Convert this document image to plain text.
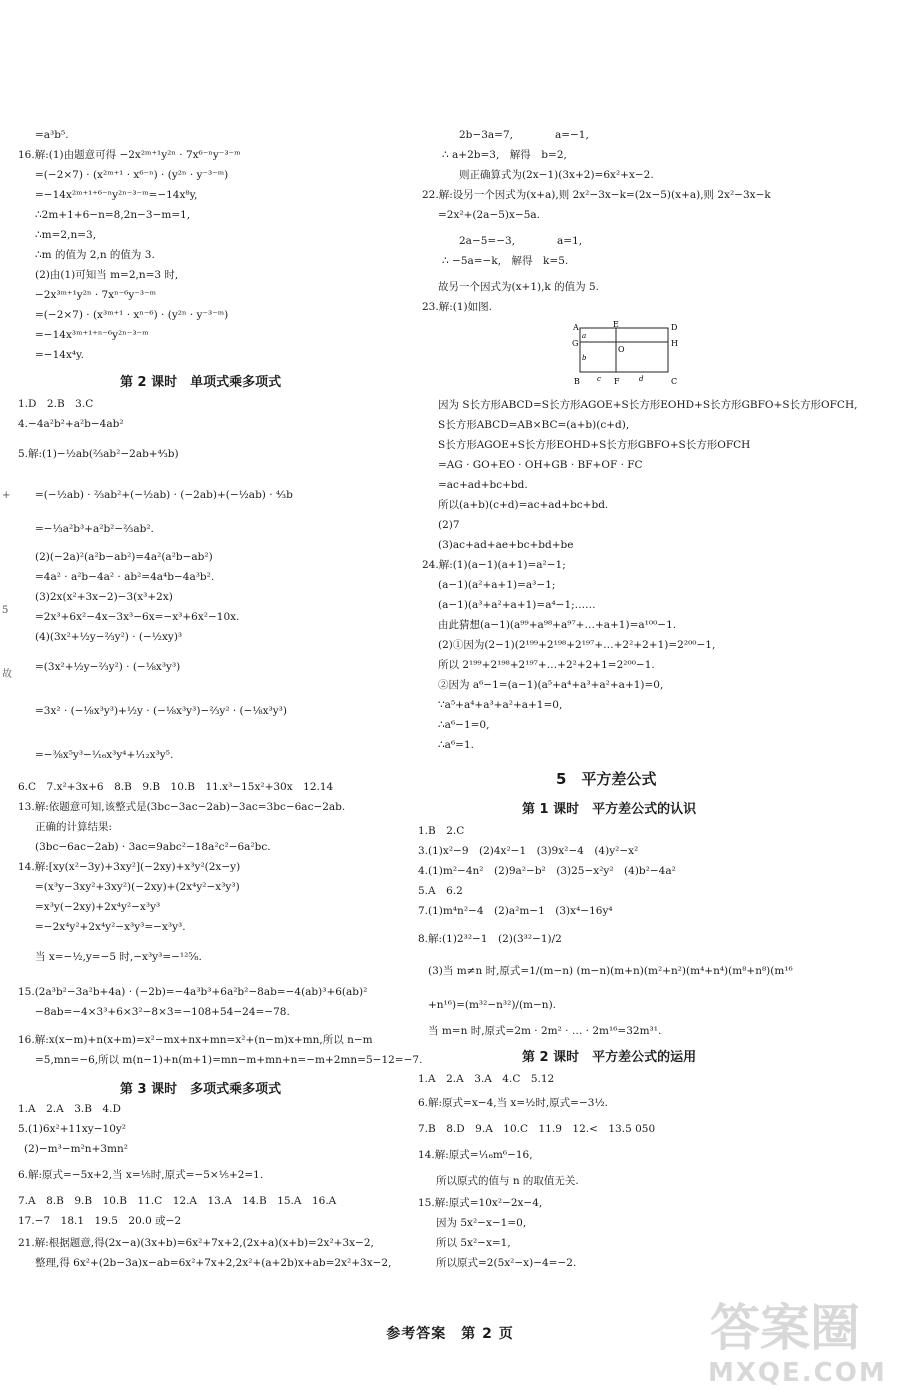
=a³b⁵.
16.解:(1)由题意可得 −2x²ᵐ⁺¹y²ⁿ · 7x⁶⁻ⁿy⁻³⁻ᵐ
=(−2×7) · (x²ᵐ⁺¹ · x⁶⁻ⁿ) · (y²ⁿ · y⁻³⁻ᵐ)
=−14x²ᵐ⁺¹⁺⁶⁻ⁿy²ⁿ⁻³⁻ᵐ=−14x⁸y,
∴2m+1+6−n=8,2n−3−m=1,
∴m=2,n=3,
∴m 的值为 2,n 的值为 3.
(2)由(1)可知当 m=2,n=3 时,
−2x³ᵐ⁺¹y²ⁿ · 7xⁿ⁻⁶y⁻³⁻ᵐ
=(−2×7) · (x³ᵐ⁺¹ · xⁿ⁻⁶) · (y²ⁿ · y⁻³⁻ᵐ)
=−14x³ᵐ⁺¹⁺ⁿ⁻⁶y²ⁿ⁻³⁻ᵐ
=−14x⁴y.
第 2 课时　单项式乘多项式
1.D　2.B　3.C
4.−4a²b²+a²b−4ab²
5.解:(1)−½ab(⅔ab²−2ab+⁴⁄₃b)
=(−½ab) · ⅔ab²+(−½ab) · (−2ab)+(−½ab) · ⁴⁄₃b
=−⅓a²b³+a²b²−⅔ab².
(2)(−2a)²(a²b−ab²)=4a²(a²b−ab²)
=4a² · a²b−4a² · ab²=4a⁴b−4a³b².
(3)2x(x²+3x−2)−3(x³+2x)
=2x³+6x²−4x−3x³−6x=−x³+6x²−10x.
(4)(3x²+½y−⅔y²) · (−½xy)³
=(3x²+½y−⅔y²) · (−⅛x³y³)
=3x² · (−⅛x³y³)+½y · (−⅛x³y³)−⅔y² · (−⅛x³y³)
=−⅜x⁵y³−¹⁄₁₆x³y⁴+¹⁄₁₂x³y⁵.
6.C　7.x²+3x+6　8.B　9.B　10.B　11.x³−15x²+30x　12.14
13.解:依题意可知,该整式是(3bc−3ac−2ab)−3ac=3bc−6ac−2ab.
正确的计算结果:
(3bc−6ac−2ab) · 3ac=9abc²−18a²c²−6a²bc.
14.解:[xy(x²−3y)+3xy²](−2xy)+x³y²(2x−y)
=(x³y−3xy²+3xy²)(−2xy)+(2x⁴y²−x³y³)
=x³y(−2xy)+2x⁴y²−x³y³
=−2x⁴y²+2x⁴y²−x³y³=−x³y³.
当 x=−½,y=−5 时,−x³y³=−¹²⁵⁄₈.
15.(2a³b²−3a²b+4a) · (−2b)=−4a³b³+6a²b²−8ab=−4(ab)³+6(ab)²
−8ab=−4×3³+6×3²−8×3=−108+54−24=−78.
16.解:x(x−m)+n(x+m)=x²−mx+nx+mn=x²+(n−m)x+mn,所以 n−m
=5,mn=−6,所以 m(n−1)+n(m+1)=mn−m+mn+n=−m+2mn=5−12=−7.
第 3 课时　多项式乘多项式
1.A　2.A　3.B　4.D
5.(1)6x²+11xy−10y²
(2)−m³−m²n+3mn²
6.解:原式=−5x+2,当 x=⅕时,原式=−5×⅕+2=1.
7.A　8.B　9.B　10.B　11.C　12.A　13.A　14.B　15.A　16.A
17.−7　18.1　19.5　20.0 或−2
21.解:根据题意,得(2x−a)(3x+b)=6x²+7x+2,(2x+a)(x+b)=2x²+3x−2,
整理,得 6x²+(2b−3a)x−ab=6x²+7x+2,2x²+(a+2b)x+ab=2x²+3x−2,
2b−3a=7,　　　　a=−1,
∴ a+2b=3,　解得　b=2,
则正确算式为(2x−1)(3x+2)=6x²+x−2.
22.解:设另一个因式为(x+a),则 2x²−3x−k=(2x−5)(x+a),则 2x²−3x−k
=2x²+(2a−5)x−5a.
2a−5=−3,　　　　a=1,
∴ −5a=−k,　解得　k=5.
故另一个因式为(x+1),k 的值为 5.
23.解:(1)如图.
因为 S长方形ABCD=S长方形AGOE+S长方形EOHD+S长方形GBFO+S长方形OFCH,
S长方形ABCD=AB×BC=(a+b)(c+d),
S长方形AGOE+S长方形EOHD+S长方形GBFO+S长方形OFCH
=AG · GO+EO · OH+GB · BF+OF · FC
=ac+ad+bc+bd.
所以(a+b)(c+d)=ac+ad+bc+bd.
(2)7
(3)ac+ad+ae+bc+bd+be
24.解:(1)(a−1)(a+1)=a²−1;
(a−1)(a²+a+1)=a³−1;
(a−1)(a³+a²+a+1)=a⁴−1;……
由此猜想(a−1)(a⁹⁹+a⁹⁸+a⁹⁷+…+a+1)=a¹⁰⁰−1.
(2)①因为(2−1)(2¹⁹⁹+2¹⁹⁸+2¹⁹⁷+…+2²+2+1)=2²⁰⁰−1,
所以 2¹⁹⁹+2¹⁹⁸+2¹⁹⁷+…+2²+2+1=2²⁰⁰−1.
②因为 a⁶−1=(a−1)(a⁵+a⁴+a³+a²+a+1)=0,
∵a⁵+a⁴+a³+a²+a+1=0,
∴a⁶−1=0,
∴a⁶=1.
5　平方差公式
第 1 课时　平方差公式的认识
1.B　2.C
3.(1)x²−9　(2)4x²−1　(3)9x²−4　(4)y²−x²
4.(1)m²−4n²　(2)9a²−b²　(3)25−x²y²　(4)b²−4a²
5.A　6.2
7.(1)m⁴n²−4　(2)a²m−1　(3)x⁴−16y⁴
8.解:(1)2³²−1　(2)(3³²−1)/2
(3)当 m≠n 时,原式=1/(m−n) (m−n)(m+n)(m²+n²)(m⁴+n⁴)(m⁸+n⁸)(m¹⁶
+n¹⁶)=(m³²−n³²)/(m−n).
当 m=n 时,原式=2m · 2m² · … · 2m¹⁶=32m³¹.
第 2 课时　平方差公式的运用
1.A　2.A　3.A　4.C　5.12
6.解:原式=x−4,当 x=½时,原式=−3½.
7.B　8.D　9.A　10.C　11.9　12.<　13.5 050
14.解:原式=¹⁄₁₆m⁶−16,
所以原式的值与 n 的取值无关.
15.解:原式=10x²−2x−4,
因为 5x²−x−1=0,
所以 5x²−x=1,
所以原式=2(5x²−x)−4=−2.
A	E	D
G	H
O
B	F	C
a
b
c	d
+
5
故
参考答案　第 2 页	答案圈
MXQE.COM
